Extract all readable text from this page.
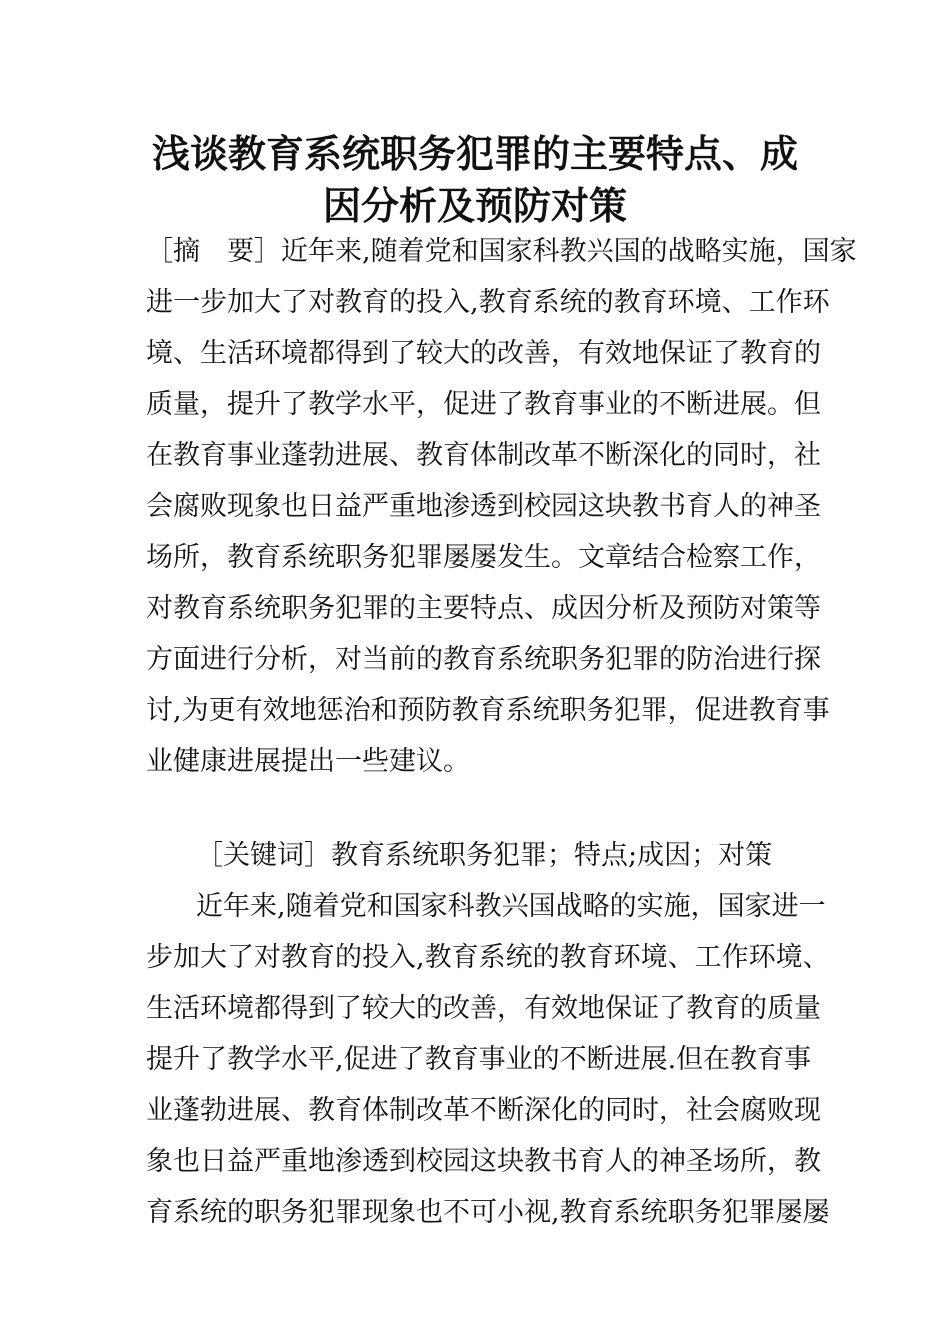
浅谈教育系统职务犯罪的主要特点、成
因分析及预防对策
［摘　要］近年来,随着党和国家科教兴国的战略实施，国家
进一步加大了对教育的投入,教育系统的教育环境、工作环
境、生活环境都得到了较大的改善，有效地保证了教育的
质量，提升了教学水平，促进了教育事业的不断进展。但
在教育事业蓬勃进展、教育体制改革不断深化的同时，社
会腐败现象也日益严重地渗透到校园这块教书育人的神圣
场所，教育系统职务犯罪屡屡发生。文章结合检察工作，
对教育系统职务犯罪的主要特点、成因分析及预防对策等
方面进行分析，对当前的教育系统职务犯罪的防治进行探
讨,为更有效地惩治和预防教育系统职务犯罪，促进教育事
业健康进展提出一些建议。
［关键词］教育系统职务犯罪；特点;成因；对策
近年来,随着党和国家科教兴国战略的实施，国家进一
步加大了对教育的投入,教育系统的教育环境、工作环境、
生活环境都得到了较大的改善，有效地保证了教育的质量
提升了教学水平,促进了教育事业的不断进展.但在教育事
业蓬勃进展、教育体制改革不断深化的同时，社会腐败现
象也日益严重地渗透到校园这块教书育人的神圣场所，教
育系统的职务犯罪现象也不可小视,教育系统职务犯罪屡屡
